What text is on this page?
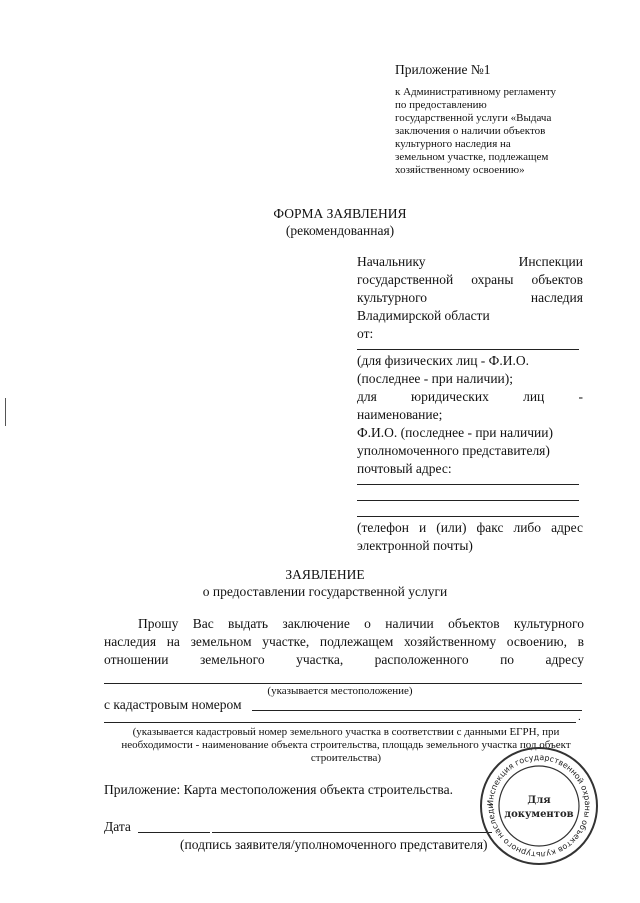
Приложение №1
к Административному регламенту
по предоставлению
государственной услуги «Выдача
заключения о наличии объектов
культурного наследия на
земельном участке, подлежащем
хозяйственному освоению»
ФОРМА ЗАЯВЛЕНИЯ
(рекомендованная)
Начальнику Инспекции
государственной охраны объектов
культурного наследия
Владимирской области
от:
(для физических лиц - Ф.И.О.
(последнее - при наличии);
для юридических лиц -
наименование;
Ф.И.О. (последнее - при наличии)
уполномоченного представителя)
почтовый адрес:
(телефон и (или) факс либо адрес
электронной почты)
ЗАЯВЛЕНИЕ
о предоставлении государственной услуги
Прошу Вас выдать заключение о наличии объектов культурного
наследия на земельном участке, подлежащем хозяйственному освоению, в
отношении земельного участка, расположенного по адресу
(указывается местоположение)
с кадастровым номером
.
(указывается кадастровый номер земельного участка в соответствии с данными ЕГРН, при
необходимости - наименование объекта строительства, площадь земельного участка под объект
строительства)
Приложение: Карта местоположения объекта строительства.
Дата
(подпись заявителя/уполномоченного представителя)
Инспекция государственной охраны объектов культурного наследи
Для
документов
